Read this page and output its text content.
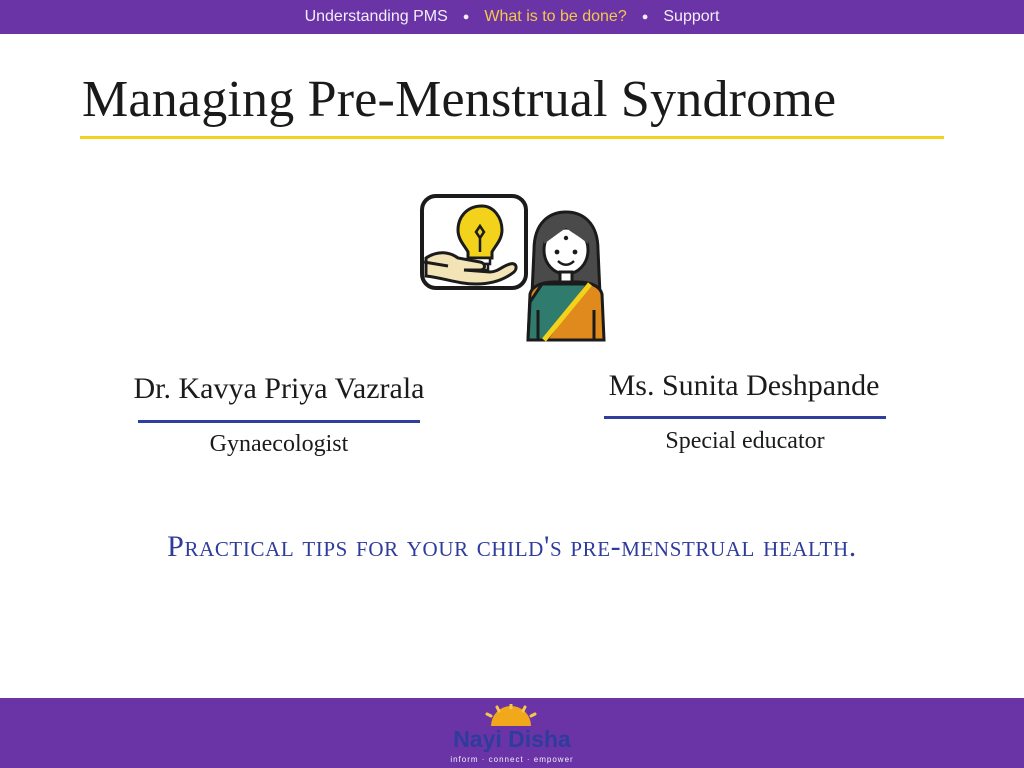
Understanding PMS	● What is to be done?	● Support
Managing Pre-Menstrual Syndrome
Dr. Kavya Priya Vazrala
Gynaecologist
Ms. Sunita Deshpande
Special educator
Practical tips for your child's pre-menstrual health.
Nayi Disha
inform · connect · empower
